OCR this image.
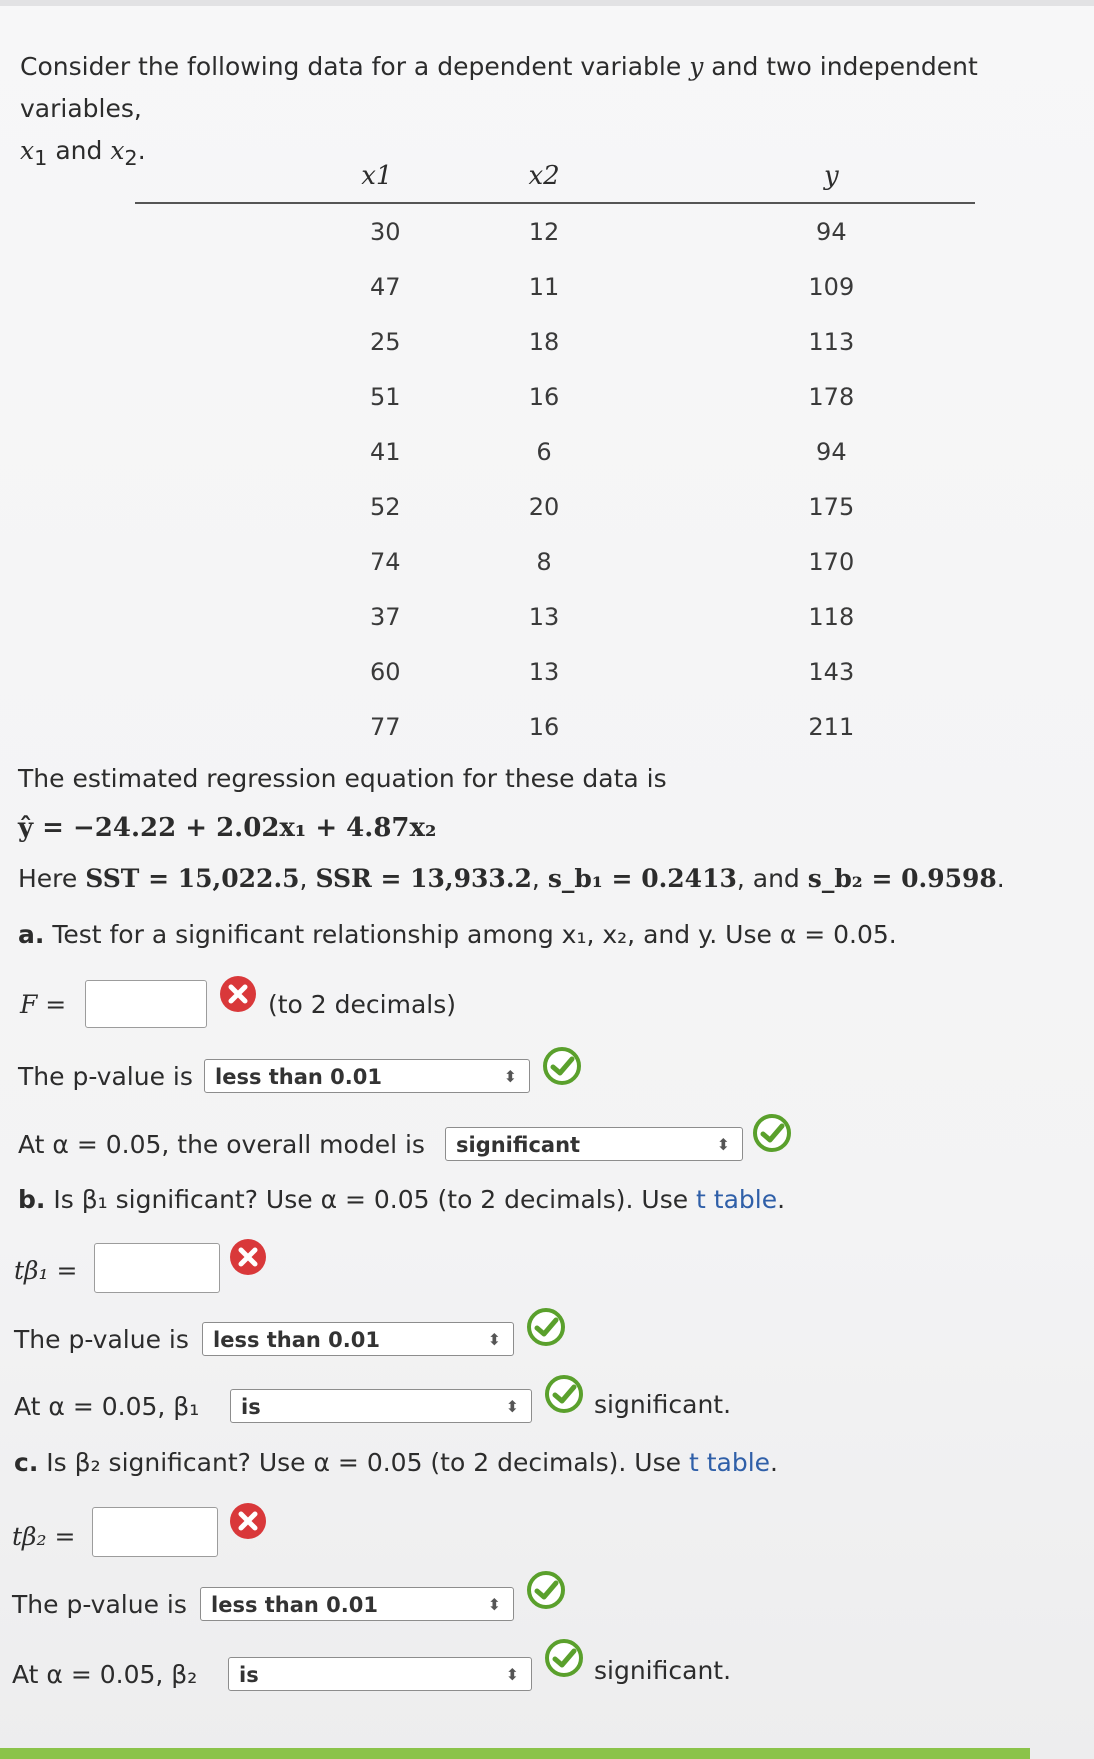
Consider the following data for a dependent variable y and two independent variables,
$x_1$ and $x_2$.
x1	x2	y
30	12	94
47	11	109
25	18	113
51	16	178
41	6	94
52	20	175
74	8	170
37	13	118
60	13	143
77	16	211
The estimated regression equation for these data is
ŷ = −24.22 + 2.02x₁ + 4.87x₂
Here SST = 15,022.5, SSR = 13,933.2, s_b₁ = 0.2413, and s_b₂ = 0.9598.
a. Test for a significant relationship among x₁, x₂, and y. Use α = 0.05.
F =	(to 2 decimals)
The p-value is	less than 0.01	⬍
At α = 0.05, the overall model is	significant	⬍
b. Is β₁ significant? Use α = 0.05 (to 2 decimals). Use t table.
tβ₁ =
The p-value is	less than 0.01	⬍
At α = 0.05, β₁	is	⬍	significant.
c. Is β₂ significant? Use α = 0.05 (to 2 decimals). Use t table.
tβ₂ =
The p-value is	less than 0.01	⬍
At α = 0.05, β₂	is	⬍	significant.
